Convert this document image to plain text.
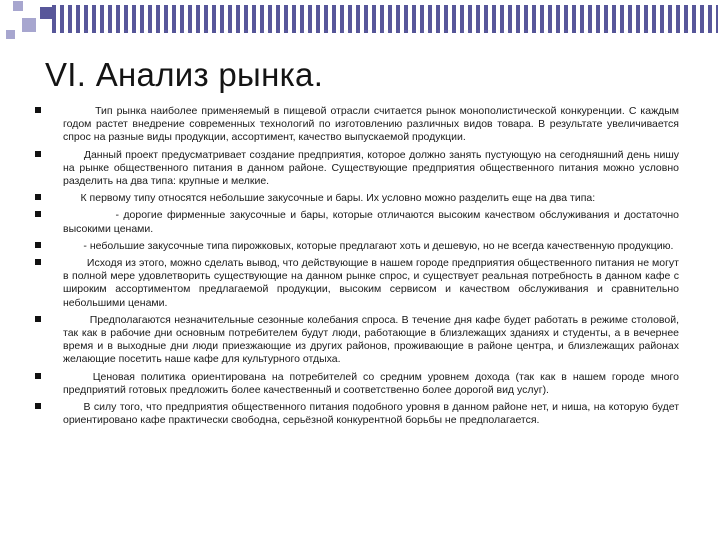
VI. Анализ рынка.
Тип рынка наиболее применяемый в пищевой отрасли считается рынок монополистической конкуренции. С каждым годом растет внедрение современных технологий по изготовлению различных видов товара. В результате увеличивается спрос на разные виды продукции, ассортимент, качество выпускаемой продукции.
Данный проект предусматривает создание предприятия, которое должно занять пустующую на сегодняшний день нишу на рынке общественного питания в данном районе. Существующие предприятия общественного питания можно условно разделить на два типа: крупные и мелкие.
К первому типу относятся небольшие закусочные и бары. Их условно можно разделить еще на два типа:
- дорогие фирменные закусочные и бары, которые отличаются высоким качеством обслуживания и достаточно высокими ценами.
- небольшие закусочные типа пирожковых, которые предлагают хоть и дешевую, но не всегда качественную продукцию.
Исходя из этого, можно сделать вывод, что действующие в нашем городе предприятия общественного питания не могут в полной мере удовлетворить существующие на данном рынке спрос, и существует реальная потребность в данном кафе с широким ассортиментом предлагаемой продукции, высоким сервисом и качеством обслуживания и сравнительно небольшими ценами.
Предполагаются незначительные сезонные колебания спроса. В течение дня кафе будет работать в режиме столовой, так как в рабочие дни основным потребителем будут люди, работающие в близлежащих зданиях и студенты, а в вечернее время и в выходные дни люди приезжающие из других районов, проживающие в районе центра, и близлежащих районах желающие посетить наше кафе для культурного отдыха.
Ценовая политика ориентирована на потребителей со средним уровнем дохода (так как в нашем городе много предприятий готовых предложить более качественный и соответственно более дорогой вид услуг).
В силу того, что предприятия общественного питания подобного уровня в данном районе нет, и ниша, на которую будет ориентировано кафе практически свободна, серьёзной конкурентной борьбы не предполагается.
